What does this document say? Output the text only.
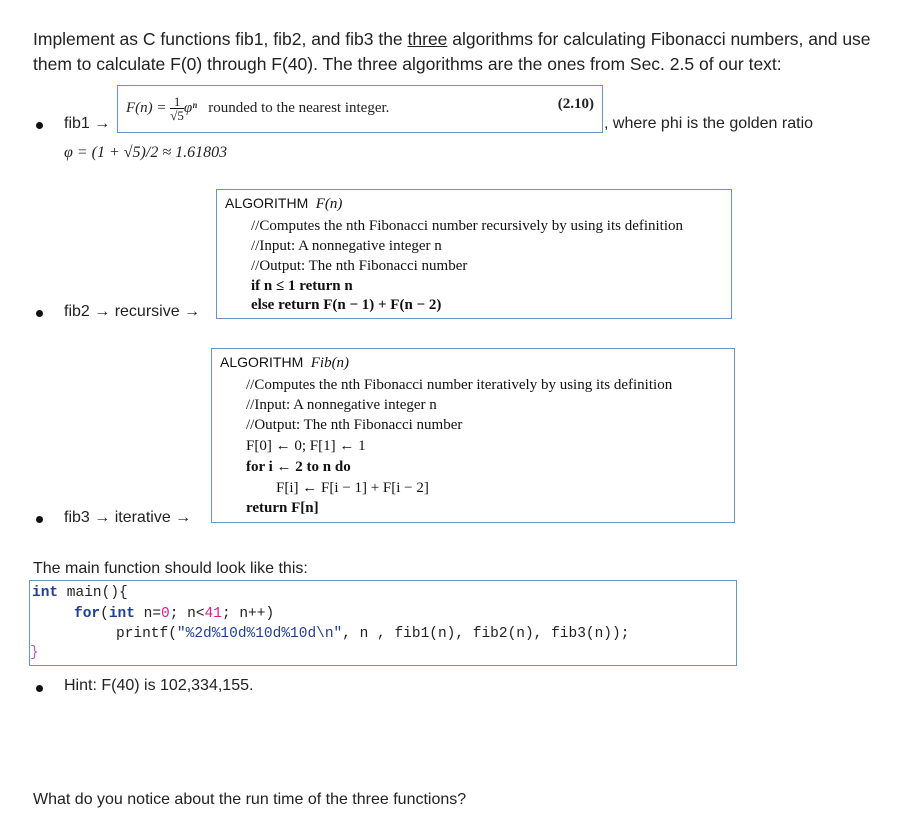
Implement as C functions fib1, fib2, and fib3 the three algorithms for calculating Fibonacci numbers, and use
them to calculate F(0) through F(40). The three algorithms are the ones from Sec. 2.5 of our text:
fib1 →
$F(n) = \frac{1}{√5}$ φⁿ rounded to the nearest integer.	(2.10)
, where phi is the golden ratio
φ = (1 + √5)/2 ≈ 1.61803
fib2 → recursive →
ALGORITHM F(n)
//Computes the nth Fibonacci number recursively by using its definition
//Input: A nonnegative integer n
//Output: The nth Fibonacci number
if n ≤ 1 return n
else return F(n − 1) + F(n − 2)
fib3 → iterative →
ALGORITHM Fib(n)
//Computes the nth Fibonacci number iteratively by using its definition
//Input: A nonnegative integer n
//Output: The nth Fibonacci number
F[0] ← 0; F[1] ← 1
for i ← 2 to n do
F[i] ← F[i − 1] + F[i − 2]
return F[n]
The main function should look like this:
int main(){
for(int n=0; n<41; n++)
printf("%2d%10d%10d%10d\n", n , fib1(n), fib2(n), fib3(n));
}
Hint: F(40) is 102,334,155.
What do you notice about the run time of the three functions?
